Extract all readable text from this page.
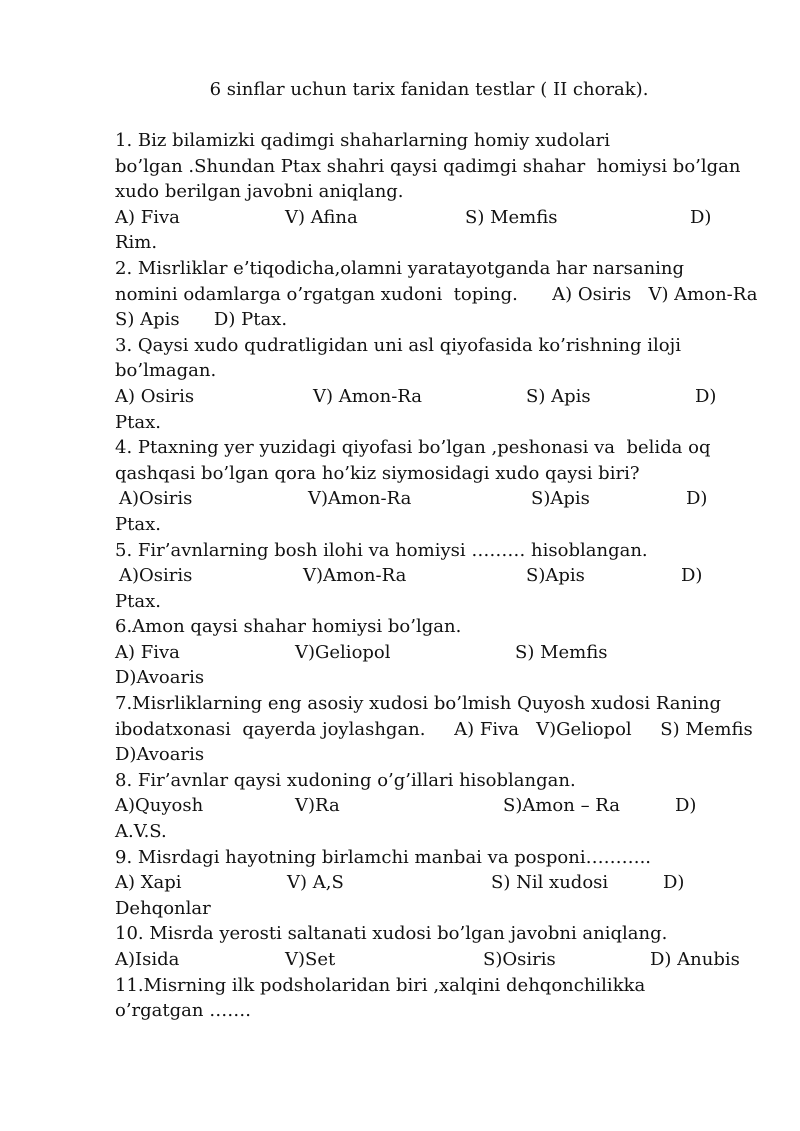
6 sinflar uchun tarix fanidan testlar ( II chorak).
1. Biz bilamizki qadimgi shaharlarning homiy xudolari
bo’lgan .Shundan Ptax shahri qaysi qadimgi shahar  homiysi bo’lgan
xudo berilgan javobni aniqlang.

A) Fiva

	V) Afina

	S) Memfis

	D)

Rim.
2. Misrliklar e’tiqodicha,olamni yaratayotganda har narsaning
nomini odamlarga o’rgatgan xudoni  toping.      A) Osiris   V) Amon-Ra
S) Apis      D) Ptax.
3. Qaysi xudo qudratligidan uni asl qiyofasida ko’rishning iloji
bo’lmagan.

A) Osiris

	V) Amon-Ra

	S) Apis

	D)

Ptax.
4. Ptaxning yer yuzidagi qiyofasi bo’lgan ,peshonasi va  belida oq
qashqasi bo’lgan qora ho’kiz siymosidagi xudo qaysi biri?

A)Osiris

	V)Amon-Ra

	S)Apis

	D)

Ptax.
5. Fir’avnlarning bosh ilohi va homiysi ……… hisoblangan.

A)Osiris

	V)Amon-Ra

	S)Apis

	D)

Ptax.
6.Amon qaysi shahar homiysi bo’lgan.

A) Fiva

	V)Geliopol

	S) Memfis

D)Avoaris
7.Misrliklarning eng asosiy xudosi bo’lmish Quyosh xudosi Raning
ibodatxonasi  qayerda joylashgan.     A) Fiva   V)Geliopol     S) Memfis
D)Avoaris
8. Fir’avnlar qaysi xudoning o’g’illari hisoblangan.

A)Quyosh

	V)Ra

	S)Amon – Ra

	D)

A.V.S.
9. Misrdagi hayotning birlamchi manbai va posponi………..

A) Xapi

	V) A,S

	S) Nil xudosi

	D)

Dehqonlar
10. Misrda yerosti saltanati xudosi bo’lgan javobni aniqlang.

A)Isida

	V)Set

	S)Osiris

	D) Anubis

11.Misrning ilk podsholaridan biri ,xalqini dehqonchilikka
o’rgatgan …….
